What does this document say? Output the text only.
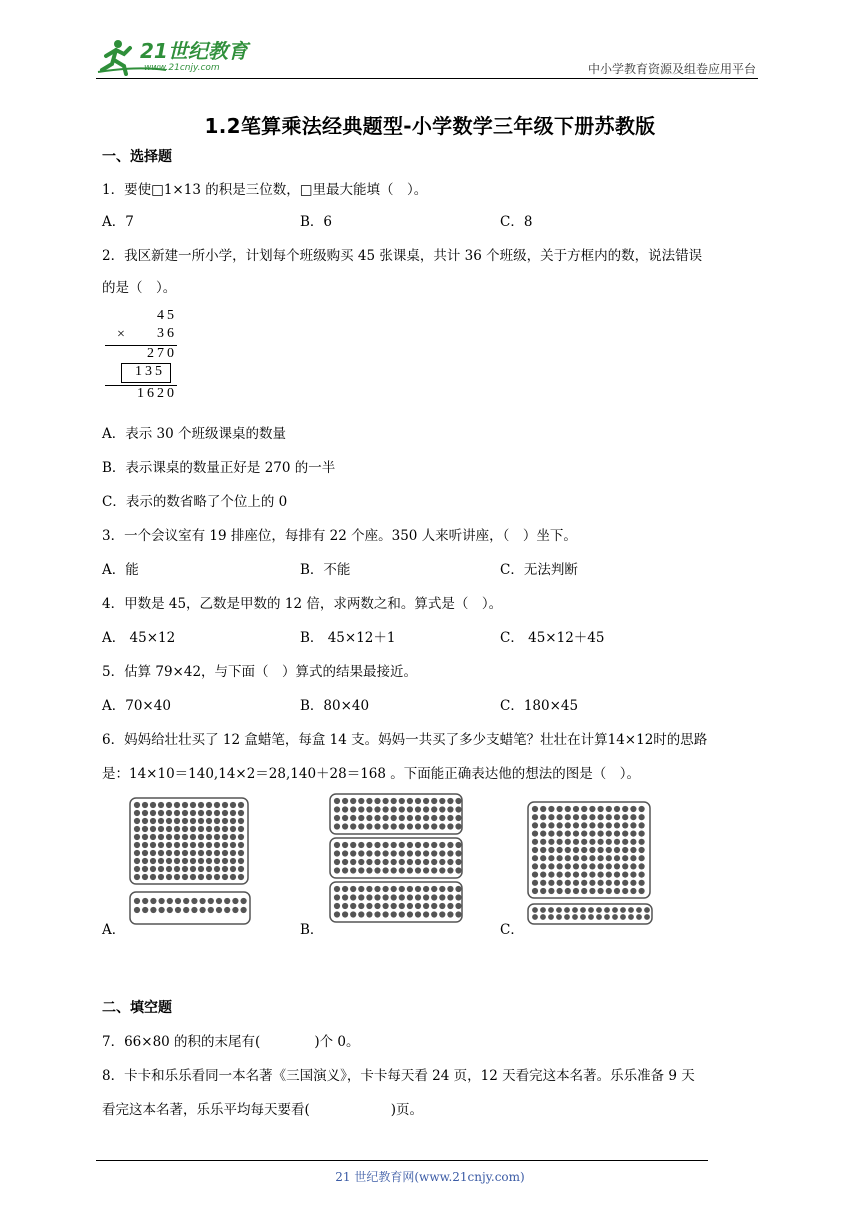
21世纪教育
www.21cnjy.com	中小学教育资源及组卷应用平台
1.2笔算乘法经典题型-小学数学三年级下册苏教版
一、选择题
1．要使□1×13 的积是三位数，□里最大能填（　）。
A．7	B．6	C．8
2．我区新建一所小学，计划每个班级购买 45 张课桌，共计 36 个班级，关于方框内的数，说法错误
的是（　）。
45
× 36
270
135
1620
A．表示 30 个班级课桌的数量
B．表示课桌的数量正好是 270 的一半
C．表示的数省略了个位上的 0
3．一个会议室有 19 排座位，每排有 22 个座。350 人来听讲座，（　）坐下。
A．能	B．不能	C．无法判断
4．甲数是 45，乙数是甲数的 12 倍，求两数之和。算式是（　）。
A． 45×12	B． 45×12＋1	C． 45×12＋45
5．估算 79×42，与下面（　）算式的结果最接近。
A．70×40	B．80×40	C．180×45
6．妈妈给壮壮买了 12 盒蜡笔，每盒 14 支。妈妈一共买了多少支蜡笔？壮壮在计算14×12时的思路
是：14×10＝140,14×2＝28,140＋28＝168 。下面能正确表达他的想法的图是（　）。
A．	B．	C．
二、填空题
7．66×80 的积的末尾有(　　　　)个 0。
8．卡卡和乐乐看同一本名著《三国演义》，卡卡每天看 24 页，12 天看完这本名著。乐乐准备 9 天
看完这本名著，乐乐平均每天要看(　　　　　　)页。
21 世纪教育网(www.21cnjy.com)
